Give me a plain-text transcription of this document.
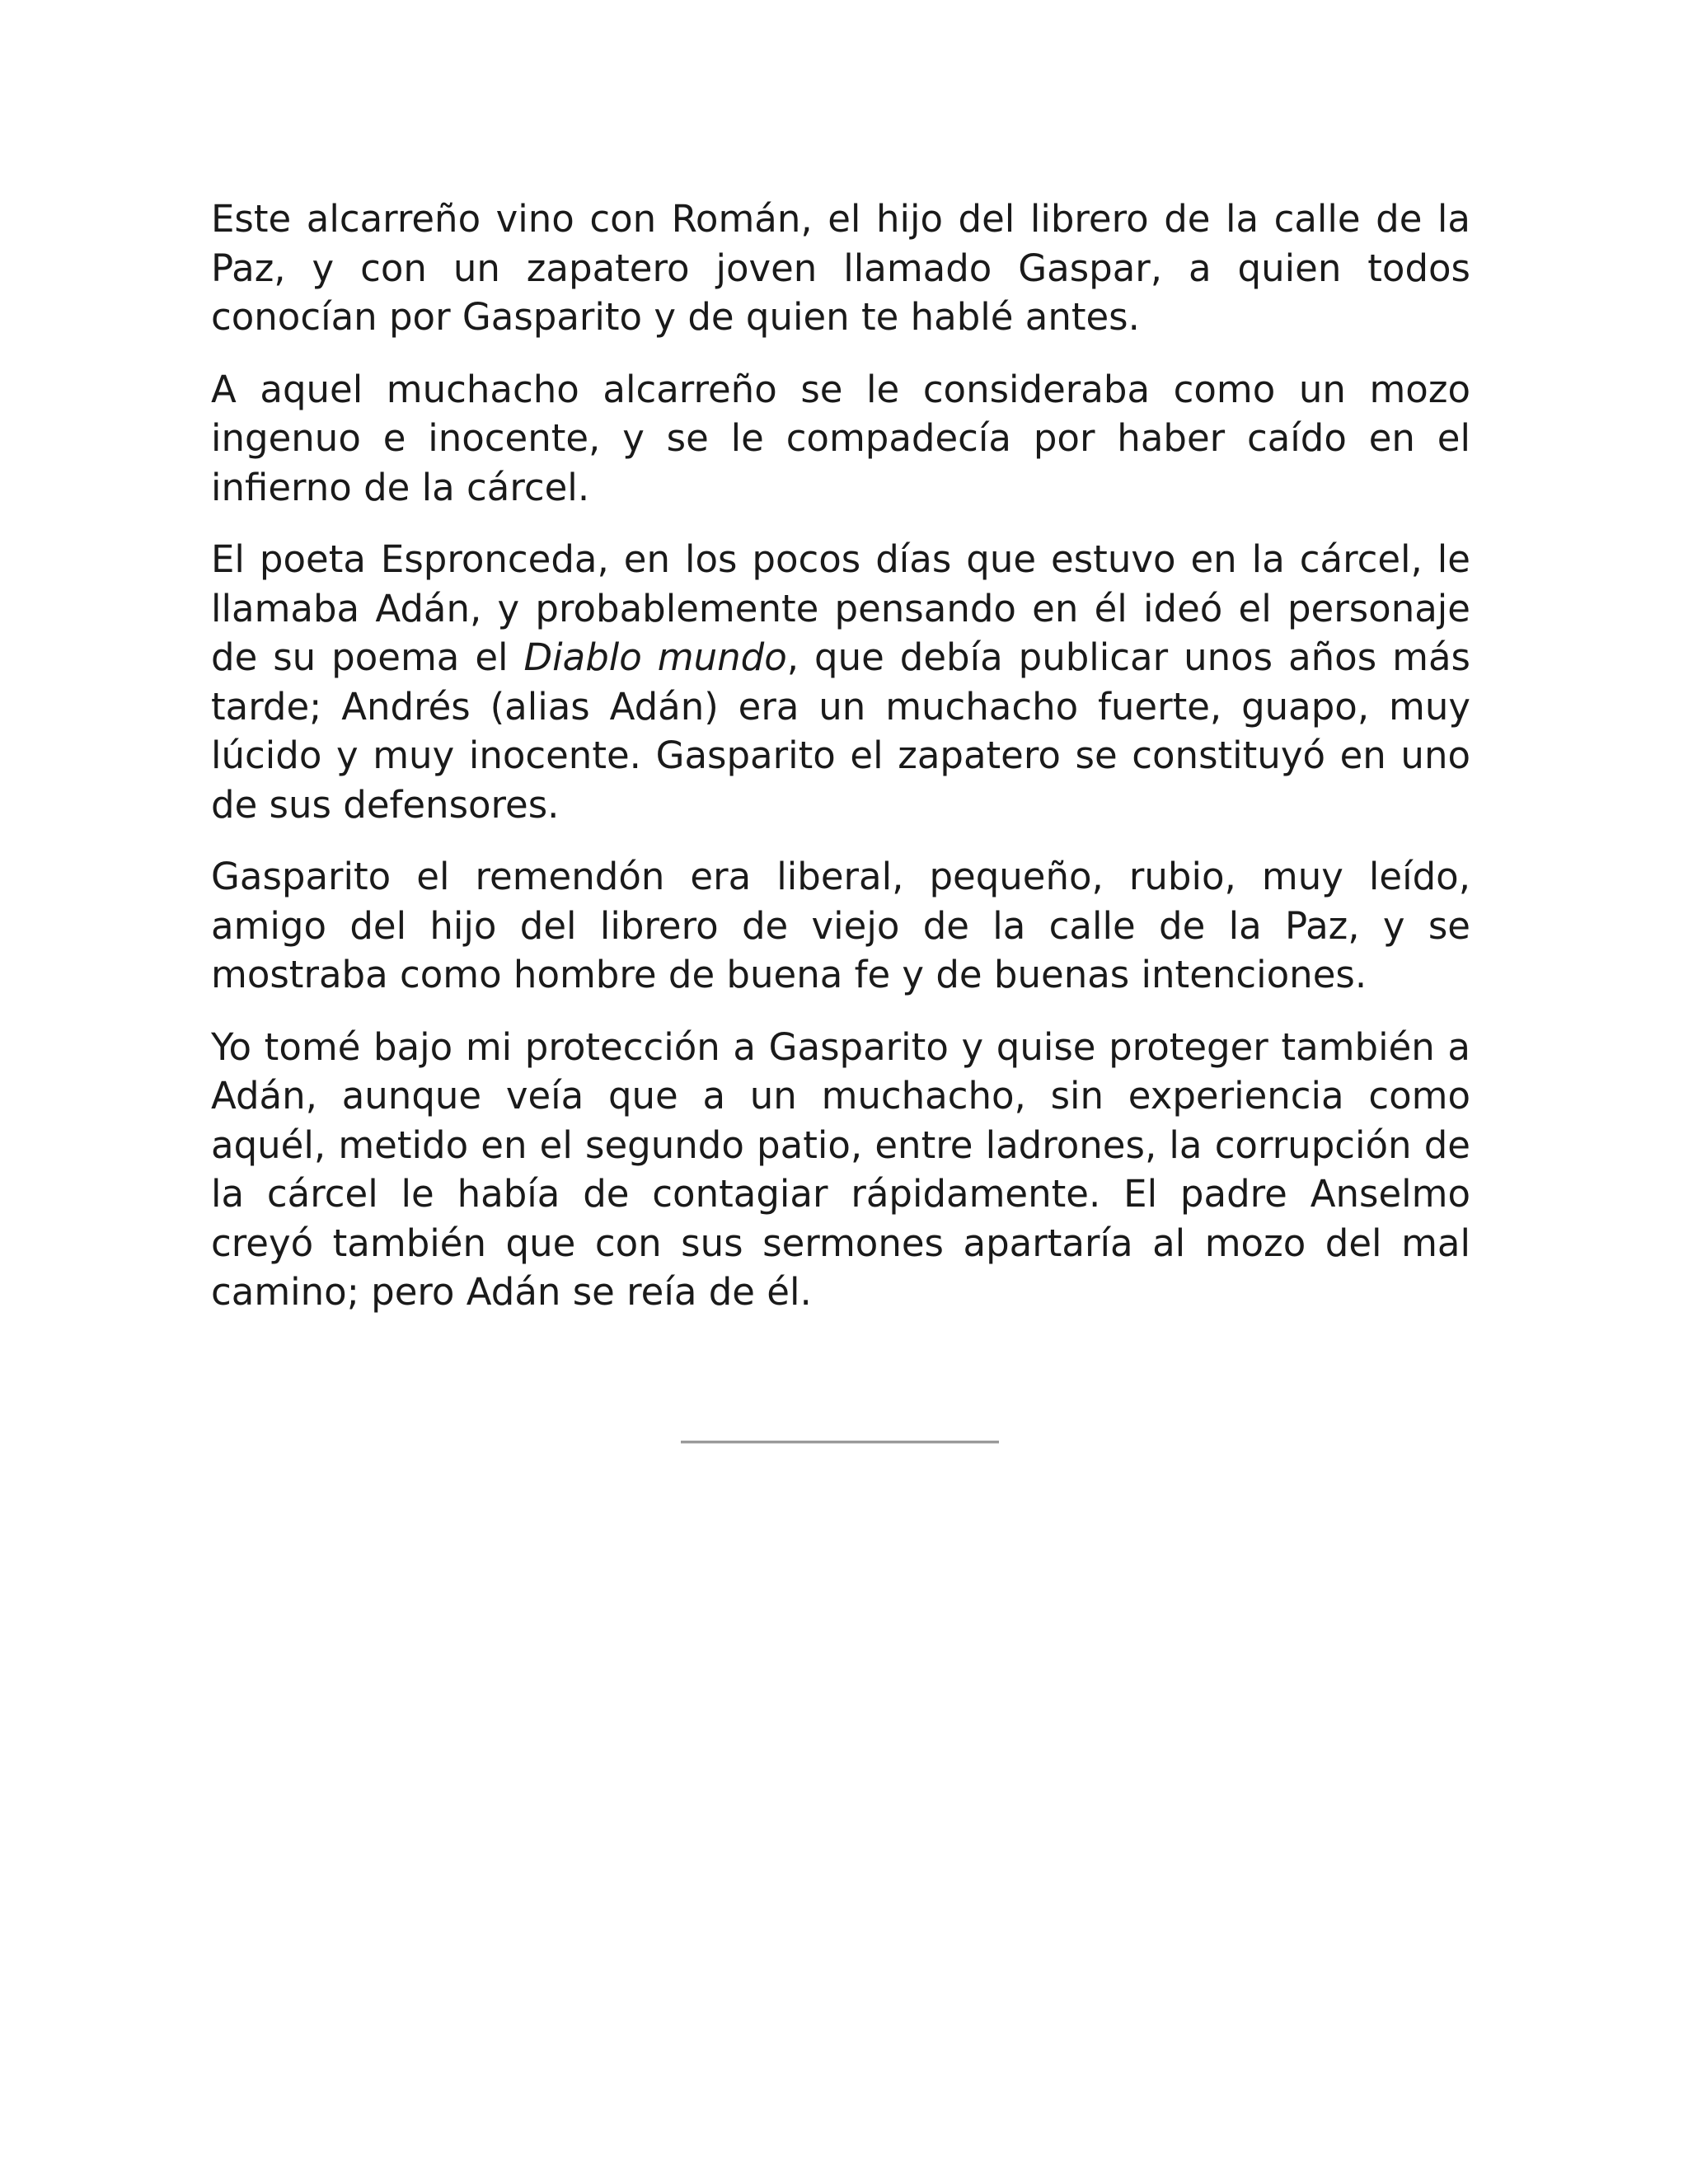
Este alcarreño vino con Román, el hijo del librero de la calle de la Paz, y con un zapatero joven llamado Gaspar, a quien todos conocían por Gasparito y de quien te hablé antes.

A aquel muchacho alcarreño se le consideraba como un mozo ingenuo e inocente, y se le compadecía por haber caído en el infierno de la cárcel.

El poeta Espronceda, en los pocos días que estuvo en la cárcel, le llamaba Adán, y probablemente pensando en él ideó el personaje de su poema el Diablo mundo, que debía publicar unos años más tarde; Andrés (alias Adán) era un muchacho fuerte, guapo, muy lúcido y muy inocente. Gasparito el zapatero se constituyó en uno de sus defensores.

Gasparito el remendón era liberal, pequeño, rubio, muy leído, amigo del hijo del librero de viejo de la calle de la Paz, y se mostraba como hombre de buena fe y de buenas intenciones.

Yo tomé bajo mi protección a Gasparito y quise proteger también a Adán, aunque veía que a un muchacho, sin experiencia como aquél, metido en el segundo patio, entre ladrones, la corrupción de la cárcel le había de contagiar rápidamente. El padre Anselmo creyó también que con sus sermones apartaría al mozo del mal camino; pero Adán se reía de él.
